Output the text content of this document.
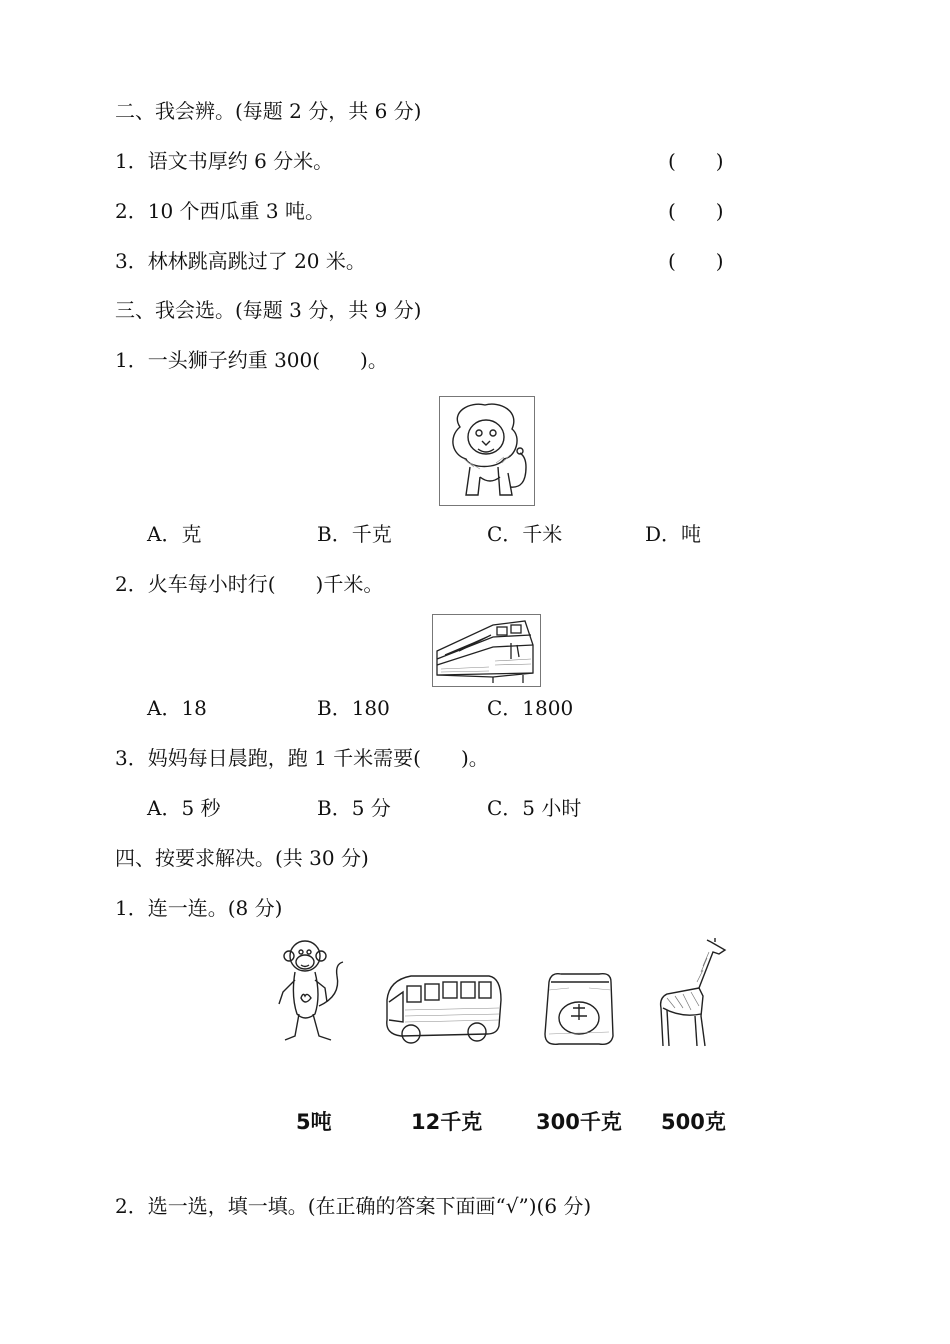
二、我会辨。(每题 2 分，共 6 分)
1．语文书厚约 6 分米。	(　　)
2．10 个西瓜重 3 吨。	(　　)
3．林林跳高跳过了 20 米。	(　　)
三、我会选。(每题 3 分，共 9 分)
1．一头狮子约重 300(　　)。
A．克	B．千克	C．千米	D．吨
2．火车每小时行(　　)千米。
A．18	B．180	C．1800
3．妈妈每日晨跑，跑 1 千米需要(　　)。
A．5 秒	B．5 分	C．5 小时
四、按要求解决。(共 30 分)
1．连一连。(8 分)
5吨	12千克	300千克 500克
2．选一选，填一填。(在正确的答案下面画“√”)(6 分)
